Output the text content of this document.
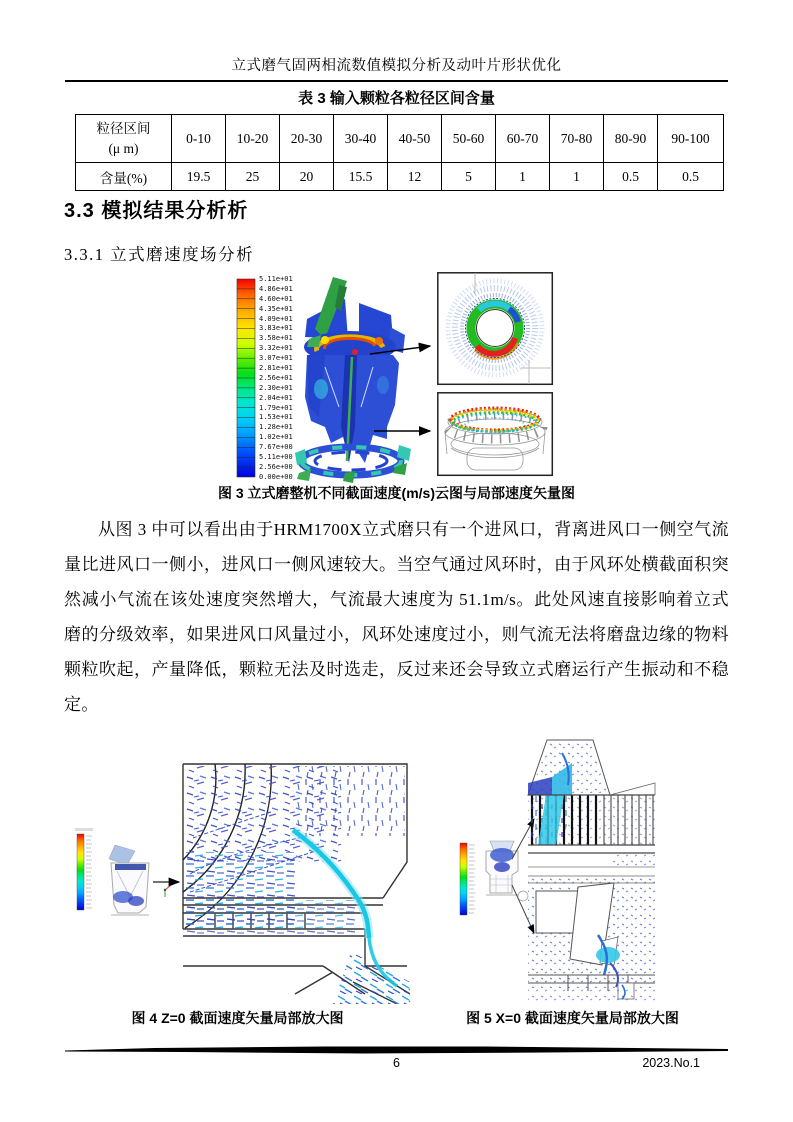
立式磨气固两相流数值模拟分析及动叶片形状优化
表 3 输入颗粒各粒径区间含量
粒径区间
(μ m)	0-10	10-20	20-30	30-40	40-50	50-60	60-70	70-80	80-90	90-100
含量(%)	19.5	25	20	15.5	12	5	1	1	0.5	0.5
3.3 模拟结果分析析
3.3.1 立式磨速度场分析
5.11e+01
4.86e+01
4.60e+01
4.35e+01
4.09e+01
3.83e+01
3.58e+01
3.32e+01
3.07e+01
2.81e+01
2.56e+01
2.30e+01
2.04e+01
1.79e+01
1.53e+01
1.28e+01
1.02e+01
7.67e+00
5.11e+00
2.56e+00
0.00e+00
图 3 立式磨整机不同截面速度(m/s)云图与局部速度矢量图
从图 3 中可以看出由于HRM1700X立式磨只有一个进风口，背离进风口一侧空气流量比进风口一侧小，进风口一侧风速较大。当空气通过风环时，由于风环处横截面积突然减小气流在该处速度突然增大，气流最大速度为 51.1m/s。此处风速直接影响着立式磨的分级效率，如果进风口风量过小，风环处速度过小，则气流无法将磨盘边缘的物料颗粒吹起，产量降低，颗粒无法及时选走，反过来还会导致立式磨运行产生振动和不稳定。
图 4 Z=0 截面速度矢量局部放大图	图 5 X=0 截面速度矢量局部放大图
6	2023.No.1
